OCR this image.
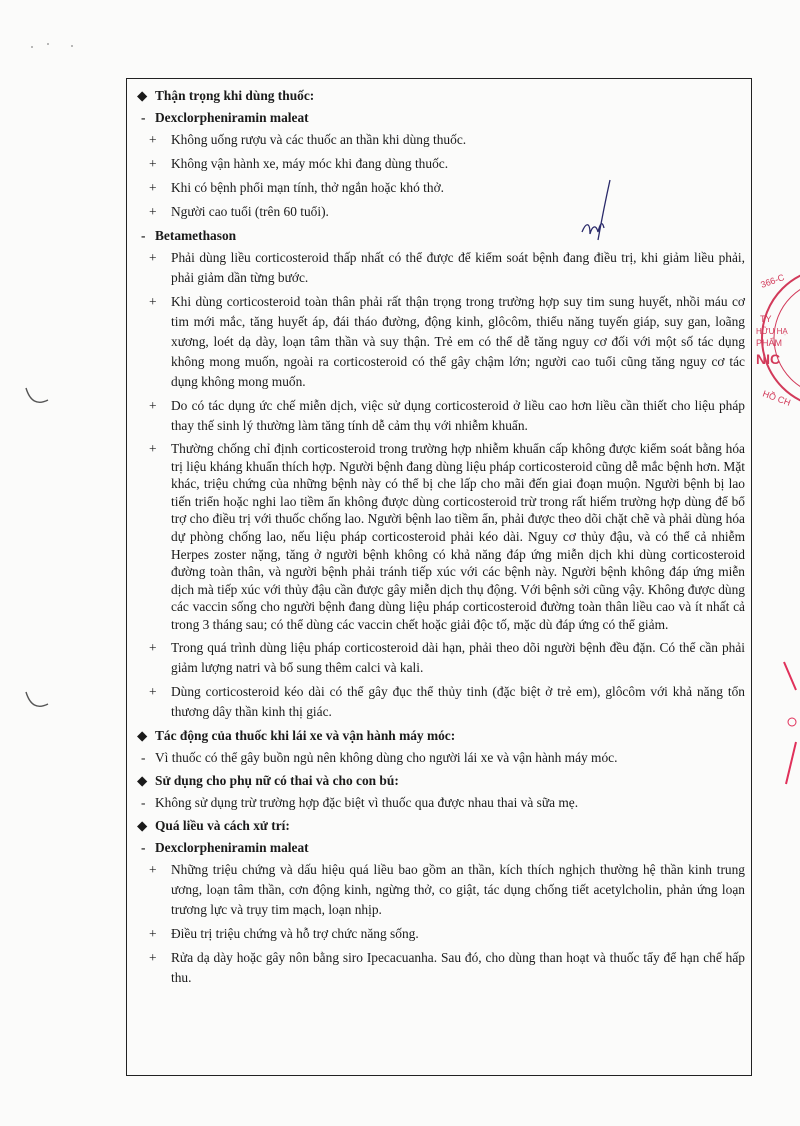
366-C
TY
HỮU HẠ
PHẨM
NIC
HỒ CH
◆ Thận trọng khi dùng thuốc:
- Dexclorpheniramin maleat
+	Không uống rượu và các thuốc an thần khi dùng thuốc.
+	Không vận hành xe, máy móc khi đang dùng thuốc.
+	Khi có bệnh phổi mạn tính, thở ngắn hoặc khó thở.
+	Người cao tuổi (trên 60 tuổi).
- Betamethason
+	Phải dùng liều corticosteroid thấp nhất có thể được để kiểm soát bệnh đang điều trị, khi giảm liều phải, phải giảm dần từng bước.
+	Khi dùng corticosteroid toàn thân phải rất thận trọng trong trường hợp suy tim sung huyết, nhồi máu cơ tim mới mắc, tăng huyết áp, đái tháo đường, động kinh, glôcôm, thiểu năng tuyến giáp, suy gan, loãng xương, loét dạ dày, loạn tâm thần và suy thận. Trẻ em có thể dễ tăng nguy cơ đối với một số tác dụng không mong muốn, ngoài ra corticosteroid có thể gây chậm lớn; người cao tuổi cũng tăng nguy cơ tác dụng không mong muốn.
+	Do có tác dụng ức chế miễn dịch, việc sử dụng corticosteroid ở liều cao hơn liều cần thiết cho liệu pháp thay thế sinh lý thường làm tăng tính dễ cảm thụ với nhiễm khuẩn.
+	Thường chống chỉ định corticosteroid trong trường hợp nhiễm khuẩn cấp không được kiểm soát bằng hóa trị liệu kháng khuẩn thích hợp. Người bệnh đang dùng liệu pháp corticosteroid cũng dễ mắc bệnh hơn. Mặt khác, triệu chứng của những bệnh này có thể bị che lấp cho mãi đến giai đoạn muộn. Người bệnh bị lao tiến triển hoặc nghi lao tiềm ẩn không được dùng corticosteroid trừ trong rất hiếm trường hợp dùng để bổ trợ cho điều trị với thuốc chống lao. Người bệnh lao tiềm ẩn, phải được theo dõi chặt chẽ và phải dùng hóa dự phòng chống lao, nếu liệu pháp corticosteroid phải kéo dài. Nguy cơ thủy đậu, và có thể cả nhiễm Herpes zoster nặng, tăng ở người bệnh không có khả năng đáp ứng miễn dịch khi dùng corticosteroid đường toàn thân, và người bệnh phải tránh tiếp xúc với các bệnh này. Người bệnh không đáp ứng miễn dịch mà tiếp xúc với thủy đậu cần được gây miễn dịch thụ động. Với bệnh sởi cũng vậy. Không được dùng các vaccin sống cho người bệnh đang dùng liệu pháp corticosteroid đường toàn thân liều cao và ít nhất cả trong 3 tháng sau; có thể dùng các vaccin chết hoặc giải độc tố, mặc dù đáp ứng có thể giảm.
+	Trong quá trình dùng liệu pháp corticosteroid dài hạn, phải theo dõi người bệnh đều đặn. Có thể cần phải giảm lượng natri và bổ sung thêm calci và kali.
+	Dùng corticosteroid kéo dài có thể gây đục thể thủy tinh (đặc biệt ở trẻ em), glôcôm với khả năng tổn thương dây thần kinh thị giác.
◆ Tác động của thuốc khi lái xe và vận hành máy móc:
- Vì thuốc có thể gây buồn ngủ nên không dùng cho người lái xe và vận hành máy móc.
◆ Sử dụng cho phụ nữ có thai và cho con bú:
- Không sử dụng trừ trường hợp đặc biệt vì thuốc qua được nhau thai và sữa mẹ.
◆ Quá liều và cách xử trí:
- Dexclorpheniramin maleat
+	Những triệu chứng và dấu hiệu quá liều bao gồm an thần, kích thích nghịch thường hệ thần kinh trung ương, loạn tâm thần, cơn động kinh, ngừng thở, co giật, tác dụng chống tiết acetylcholin, phản ứng loạn trương lực và trụy tim mạch, loạn nhịp.
+	Điều trị triệu chứng và hỗ trợ chức năng sống.
+	Rửa dạ dày hoặc gây nôn bằng siro Ipecacuanha. Sau đó, cho dùng than hoạt và thuốc tẩy để hạn chế hấp thu.
